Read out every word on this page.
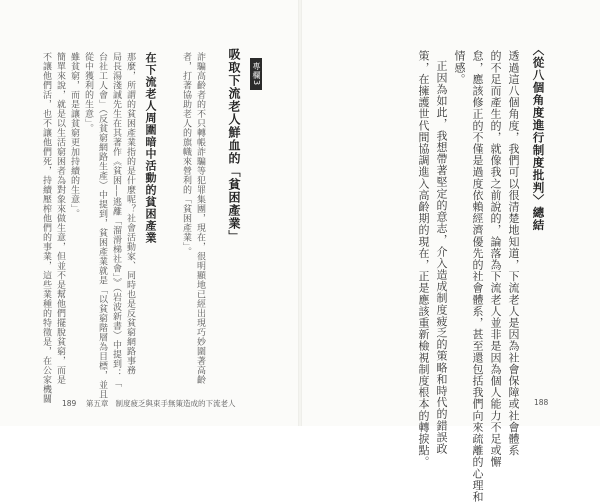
專欄3
吸取下流老人鮮血的「貧困產業」
詐騙高齡者的不只轉帳詐騙等犯罪集團，現在，很明顯地已經出現巧妙圍著高齡
者，打著協助老人的旗幟來營利的「貧困產業」。
在下流老人周圍暗中活動的貧困產業
那麼，所謂的貧困產業指的是什麼呢？社會活動家、同時也是反貧窮網路事務
局長湯淺誠先生在其著作《貧困——逃離「溜滑梯社會」》（岩波新書）中提到：「
台社工人會」（反貧窮網路生產）中提到，貧困產業就是「以貧窮階層為目標，並且
從中獲利的生意」。
雖貧窮，而是讓貧窮更加持續的生意」。
簡單來說，就是以生活窮困者為對象來做生意，但並不是幫他們擺脫貧窮，而是
不讓他們活，也不讓他們死，持續壓榨他們的事業，這些業種的特徵是，在公家機關 189 第五章 制度疲乏與束手無策造成的下流老人
〈從八個角度進行制度批判〉總結
透過這八個角度，我們可以很清楚地知道，下流老人是因為社會保障或社會體系
的不足而產生的，就像我之前說的，論落為下流老人並非是因為個人能力不足或懈
怠，應該修正的不僅是過度依賴經濟優先的社會體系，甚至還包括我們向來疏離的心理和
情感。
正因為如此，我想帶著堅定的意志，介入造成制度疲乏的策略和時代的錯誤政
策，在擁護世代間協調進入高齡期的現在，正是應該重新檢視制度根本的轉捩點。	188
